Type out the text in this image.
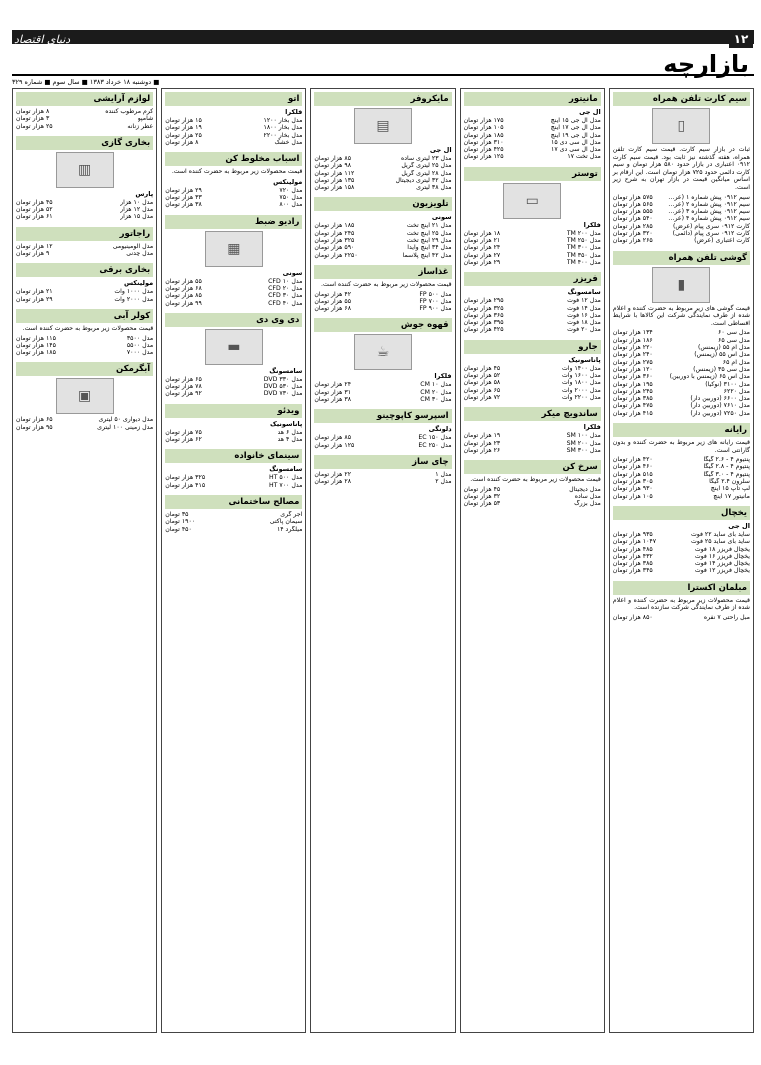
دنیای اقتصاد	۱۲
بازارچه
■ دوشنبه ۱۸ خرداد ۱۳۸۳ ■ سال سوم ■ شماره ۳۲۹
سیم کارت تلفن همراه
▯
ثبات در بازار سیم کارت. قیمت سیم کارت تلفن همراه، هفته گذشته نیز ثابت بود. قیمت سیم کارت ۰۹۱۲ اعتباری در بازار حدود ۵۸۰ هزار تومان و سیم کارت دائمی حدود ۷۲۵ هزار تومان است. این ارقام بر اساس میانگین قیمت در بازار تهران به شرح زیر است.
سیم ۰۹۱۲ پیش شماره ۱ (عرض)
۵۷۵ هزار تومان
سیم ۰۹۱۲ پیش شماره ۲ (عرض)
۵۶۵ هزار تومان
سیم ۰۹۱۲ پیش شماره ۳ (عرض)
۵۵۵ هزار تومان
سیم ۰۹۱۲ پیش شماره ۴ (عرض)
۵۴۰ هزار تومان
کارت ۰۹۱۲ سری پیام (عرض)
۲۸۵ هزار تومان
کارت ۰۹۱۲ سری پیام (دائمی)
۳۲۰ هزار تومان
کارت اعتباری (عرض)
۲۶۵ هزار تومان
گوشی تلفن همراه
▮
قیمت گوشی های زیر مربوط به حضرت کننده و اعلام شده از طرف نمایندگی شرکت این کالاها با شرایط اقساطی است.
مدل سی ۶۰
۱۳۴ هزار تومان
مدل سی ۶۵
۱۸۶ هزار تومان
مدل ام ۵۵ (زیمنس)
۲۲۰ هزار تومان
مدل اس ۵۵ (زیمنس)
۲۴۰ هزار تومان
مدل ام ۶۵
۲۷۵ هزار تومان
مدل سی ۳۵ (زیمنس)
۱۲۰ هزار تومان
مدل اس ۶۵ (زیمنس با دوربین)
۳۶۰ هزار تومان
مدل ۳۱۰۰ (نوکیا)
۱۹۵ هزار تومان
مدل ۶۲۲۰
۲۴۵ هزار تومان
مدل ۶۶۰۰ (دوربین دار)
۳۸۵ هزار تومان
مدل ۷۶۱۰ (دوربین دار)
۴۷۵ هزار تومان
مدل ۷۲۵۰ (دوربین دار)
۴۱۵ هزار تومان
رایانه
قیمت رایانه های زیر مربوط به حضرت کننده و بدون گارانتی است.
پنتیوم ۴ - ۲.۶ گیگا
۴۲۰ هزار تومان
پنتیوم ۴ - ۲.۸ گیگا
۴۶۰ هزار تومان
پنتیوم ۴ - ۳.۰ گیگا
۵۱۵ هزار تومان
سلرون ۲.۴ گیگا
۳۰۵ هزار تومان
لپ تاپ ۱۵ اینچ
۹۳۰ هزار تومان
مانیتور ۱۷ اینچ
۱۰۵ هزار تومان
یخچال
ال جی
ساید بای ساید ۲۲ فوت
۹۳۵ هزار تومان
ساید بای ساید ۲۵ فوت
۱۰۴۷ هزار تومان
یخچال فریزر ۱۸ فوت
۴۸۵ هزار تومان
یخچال فریزر ۱۶ فوت
۴۳۲ هزار تومان
یخچال فریزر ۱۴ فوت
۳۸۵ هزار تومان
یخچال فریزر ۱۲ فوت
۳۴۵ هزار تومان
مبلمان اکسترا
قیمت محصولات زیر مربوط به حضرت کننده و اعلام شده از طرف نمایندگی شرکت سازنده است.
مبل راحتی ۷ نفره
۸۵۰ هزار تومان
مانیتور
ال جی
مدل ال جی ۱۵ اینچ
۱۷۵ هزار تومان
مدل ال جی ۱۷ اینچ
۱۰۵ هزار تومان
مدل ال جی ۱۹ اینچ
۱۸۵ هزار تومان
مدل ال سی دی ۱۵
۳۱۰ هزار تومان
مدل ال سی دی ۱۷
۴۲۵ هزار تومان
مدل تخت ۱۷
۱۲۵ هزار تومان
توستر
▭
فلکرا
مدل TM ۲۰۰
۱۸ هزار تومان
مدل TM ۲۵۰
۲۱ هزار تومان
مدل TM ۳۰۰
۲۴ هزار تومان
مدل TM ۳۵۰
۲۷ هزار تومان
مدل TM ۴۰۰
۲۹ هزار تومان
فریزر
سامسونگ
مدل ۱۲ فوت
۲۹۵ هزار تومان
مدل ۱۴ فوت
۳۲۵ هزار تومان
مدل ۱۶ فوت
۳۶۵ هزار تومان
مدل ۱۸ فوت
۳۹۵ هزار تومان
مدل ۲۰ فوت
۴۲۵ هزار تومان
جارو
پاناسونیک
مدل ۱۴۰۰ وات
۴۵ هزار تومان
مدل ۱۶۰۰ وات
۵۲ هزار تومان
مدل ۱۸۰۰ وات
۵۸ هزار تومان
مدل ۲۰۰۰ وات
۶۵ هزار تومان
مدل ۲۲۰۰ وات
۷۲ هزار تومان
ساندویچ میکر
فلکرا
مدل SM ۱۰۰
۱۹ هزار تومان
مدل SM ۲۰۰
۲۳ هزار تومان
مدل SM ۳۰۰
۲۶ هزار تومان
سرخ کن
قیمت محصولات زیر مربوط به حضرت کننده است.
مدل دیجیتال
۴۵ هزار تومان
مدل ساده
۳۲ هزار تومان
مدل بزرگ
۵۳ هزار تومان
مایکروفر
▤
ال جی
مدل ۲۳ لیتری ساده
۸۵ هزار تومان
مدل ۲۵ لیتری گریل
۹۸ هزار تومان
مدل ۲۸ لیتری گریل
۱۱۲ هزار تومان
مدل ۳۲ لیتری دیجیتال
۱۳۵ هزار تومان
مدل ۳۸ لیتری
۱۵۸ هزار تومان
تلویزیون
سونی
مدل ۲۱ اینچ تخت
۱۸۵ هزار تومان
مدل ۲۵ اینچ تخت
۲۴۵ هزار تومان
مدل ۲۹ اینچ تخت
۳۲۵ هزار تومان
مدل ۳۴ اینچ وایدا
۵۹۰ هزار تومان
مدل ۴۲ اینچ پلاسما
۲۲۵۰ هزار تومان
غذاساز
قیمت محصولات زیر مربوط به حضرت کننده است.
مدل FP ۵۰۰
۴۲ هزار تومان
مدل FP ۷۰۰
۵۵ هزار تومان
مدل FP ۹۰۰
۶۸ هزار تومان
قهوه جوش
☕
فلکرا
مدل CM ۱۰
۲۴ هزار تومان
مدل CM ۲۰
۳۱ هزار تومان
مدل CM ۳۰
۳۸ هزار تومان
اسپرسو کاپوچینو
دلونگی
مدل EC ۱۵۰
۸۵ هزار تومان
مدل EC ۲۵۰
۱۲۵ هزار تومان
چای ساز
مدل ۱
۲۲ هزار تومان
مدل ۲
۲۸ هزار تومان
اتو
فلکرا
مدل بخار ۱۲۰۰
۱۵ هزار تومان
مدل بخار ۱۸۰۰
۱۹ هزار تومان
مدل بخار ۲۲۰۰
۲۵ هزار تومان
مدل خشک
۸ هزار تومان
اسباب مخلوط کن
قیمت محصولات زیر مربوط به حضرت کننده است.
مولینکس
مدل ۷۲۰
۲۹ هزار تومان
مدل ۷۵۰
۳۳ هزار تومان
مدل ۸۰۰
۳۸ هزار تومان
رادیو ضبط
▦
سونی
مدل CFD ۱۰
۵۵ هزار تومان
مدل CFD ۲۰
۶۸ هزار تومان
مدل CFD ۳۰
۸۵ هزار تومان
مدل CFD ۴۰
۹۹ هزار تومان
دی وی دی
▬
سامسونگ
مدل DVD ۳۳۰
۶۵ هزار تومان
مدل DVD ۵۳۰
۷۸ هزار تومان
مدل DVD ۷۳۰
۹۲ هزار تومان
ویدئو
پاناسونیک
مدل ۶ هد
۷۵ هزار تومان
مدل ۴ هد
۶۲ هزار تومان
سینمای خانواده
سامسونگ
مدل HT ۵۰۰
۳۲۵ هزار تومان
مدل HT ۷۰۰
۴۱۵ هزار تومان
مصالح ساختمانی
آجر گری
۳۵ تومان
سیمان پاکتی
۱۹۰۰ تومان
میلگرد ۱۴
۴۵۰ تومان
لوازم آرایشی
کرم مرطوب کننده
۸ هزار تومان
شامپو
۳ هزار تومان
عطر زنانه
۲۵ هزار تومان
بخاری گازی
▥
پارس
مدل ۱۰ هزار
۴۵ هزار تومان
مدل ۱۲ هزار
۵۲ هزار تومان
مدل ۱۵ هزار
۶۱ هزار تومان
راجاتور
مدل آلومینیومی
۱۲ هزار تومان
مدل چدنی
۹ هزار تومان
بخاری برقی
مولینکس
مدل ۱۰۰۰ وات
۲۱ هزار تومان
مدل ۲۰۰۰ وات
۲۹ هزار تومان
کولر آبی
قیمت محصولات زیر مربوط به حضرت کننده است.
مدل ۳۵۰۰
۱۱۵ هزار تومان
مدل ۵۵۰۰
۱۴۵ هزار تومان
مدل ۷۰۰۰
۱۸۵ هزار تومان
آبگرمکن
▣
مدل دیواری ۵۰ لیتری
۶۵ هزار تومان
مدل زمینی ۱۰۰ لیتری
۹۵ هزار تومان
